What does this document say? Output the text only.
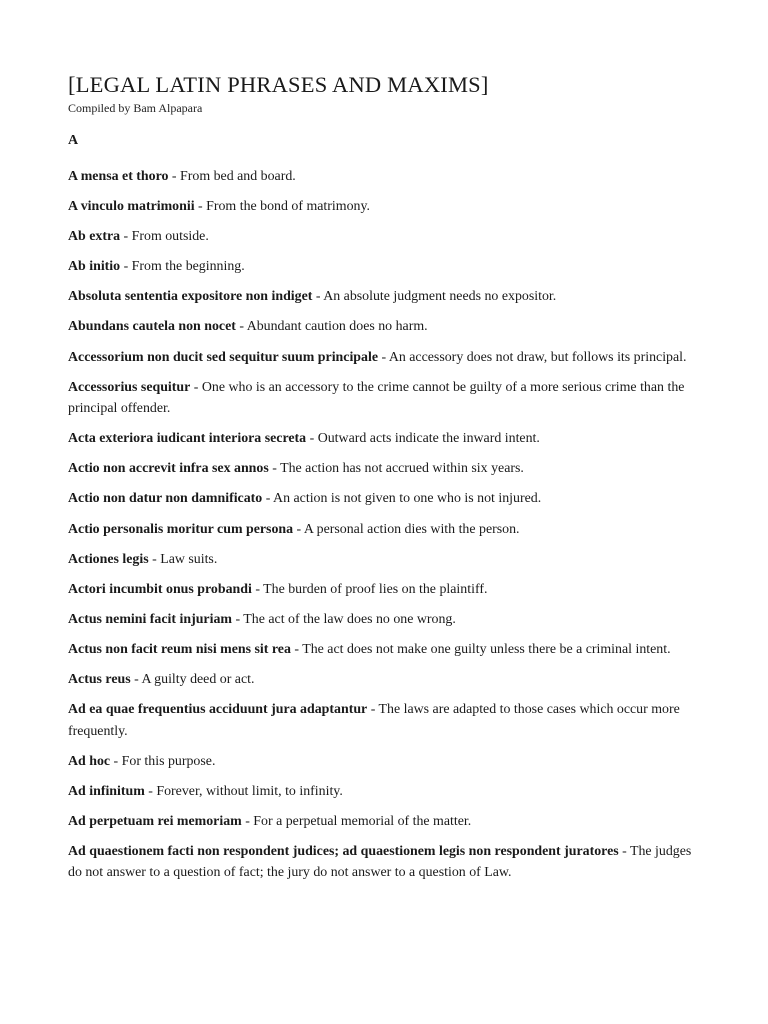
[LEGAL LATIN PHRASES AND MAXIMS]
Compiled by Bam Alpapara
A

A mensa et thoro - From bed and board.

A vinculo matrimonii - From the bond of matrimony.

Ab extra - From outside.

Ab initio - From the beginning.

Absoluta sententia expositore non indiget - An absolute judgment needs no expositor.

Abundans cautela non nocet - Abundant caution does no harm.

Accessorium non ducit sed sequitur suum principale - An accessory does not draw, but follows its principal.

Accessorius sequitur - One who is an accessory to the crime cannot be guilty of a more serious crime than the principal offender.

Acta exteriora iudicant interiora secreta - Outward acts indicate the inward intent.

Actio non accrevit infra sex annos - The action has not accrued within six years.

Actio non datur non damnificato - An action is not given to one who is not injured.

Actio personalis moritur cum persona - A personal action dies with the person.

Actiones legis - Law suits.

Actori incumbit onus probandi - The burden of proof lies on the plaintiff.

Actus nemini facit injuriam - The act of the law does no one wrong.

Actus non facit reum nisi mens sit rea - The act does not make one guilty unless there be a criminal intent.

Actus reus - A guilty deed or act.

Ad ea quae frequentius acciduunt jura adaptantur - The laws are adapted to those cases which occur more frequently.

Ad hoc - For this purpose.

Ad infinitum - Forever, without limit, to infinity.

Ad perpetuam rei memoriam - For a perpetual memorial of the matter.

Ad quaestionem facti non respondent judices; ad quaestionem legis non respondent juratores - The judges do not answer to a question of fact; the jury do not answer to a question of Law.
